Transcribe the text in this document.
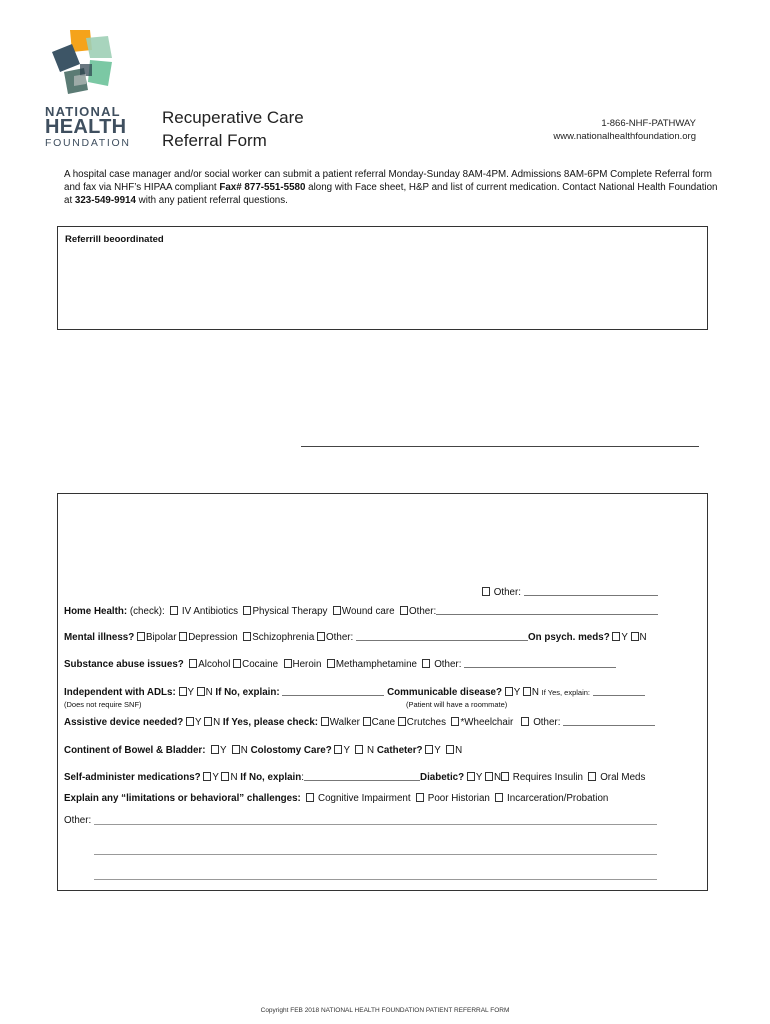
NATIONAL
HEALTH
FOUNDATION
Recuperative Care
Referral Form
1-866-NHF-PATHWAY
www.nationalhealthfoundation.org
A hospital case manager and/or social worker can submit a patient referral Monday-Sunday 8AM-4PM. Admissions 8AM-6PM Complete Referral form and fax via NHF’s HIPAA compliant Fax# 877-551-5580 along with Face sheet, H&P and list of current medication. Contact National Health Foundation at 323-549-9914 with any patient referral questions.
Referrill beoordinated
Other:
Home Health: (check): IV Antibiotics Physical Therapy Wound care Other:
Mental illness? Bipolar Depression Schizophrenia Other:	On psych. meds? Y N
Substance abuse issues? Alcohol Cocaine Heroin Methamphetamine Other:
Independent with ADLs: Y N If No, explain:	Communicable disease? Y N If Yes, explain:
(Does not require SNF)	(Patient will have a roommate)
Assistive device needed? Y N If Yes, please check: Walker Cane Crutches *Wheelchair Other:
Continent of Bowel & Bladder: Y N Colostomy Care? Y N Catheter? Y N
Self-administer medications? Y N If No, explain:	Diabetic? Y N Requires Insulin Oral Meds
Explain any “limitations or behavioral” challenges: Cognitive Impairment Poor Historian Incarceration/Probation
Other:
Copyright FEB 2018 NATIONAL HEALTH FOUNDATION PATIENT REFERRAL FORM
